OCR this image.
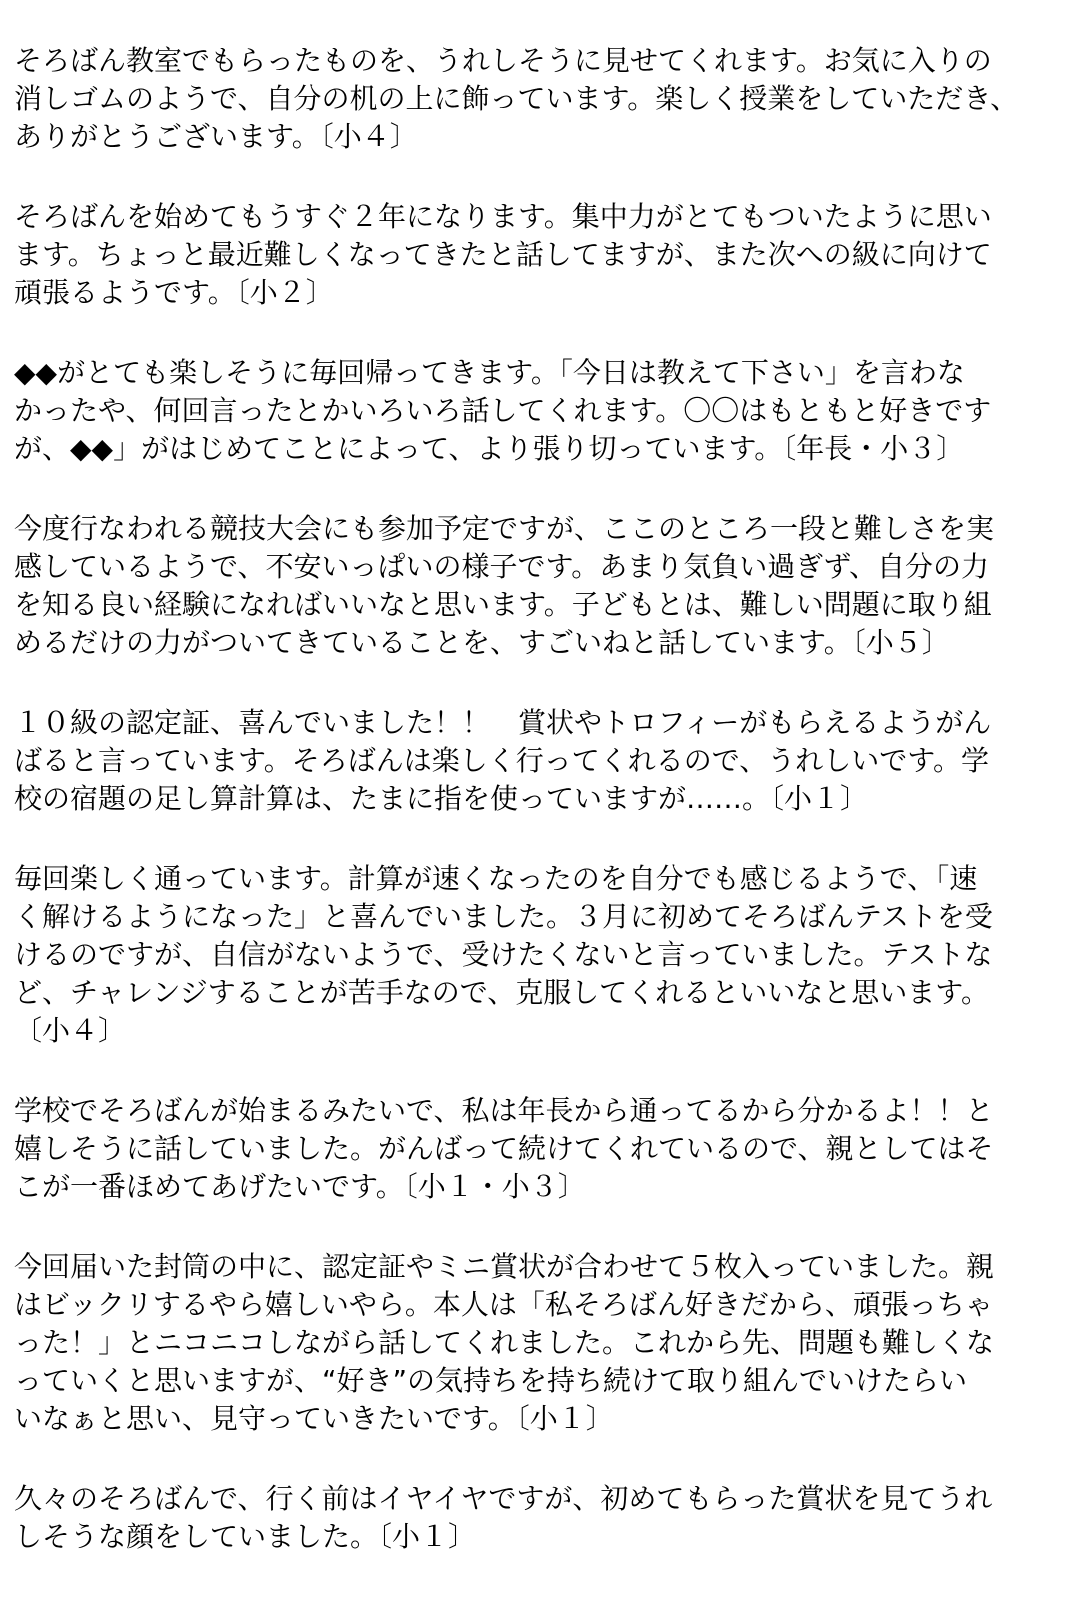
そろばん教室でもらったものを、うれしそうに見せてくれます。お気に入りの
消しゴムのようで、自分の机の上に飾っています。楽しく授業をしていただき、
ありがとうございます。〔小４〕
そろばんを始めてもうすぐ２年になります。集中力がとてもついたように思い
ます。ちょっと最近難しくなってきたと話してますが、また次への級に向けて
頑張るようです。〔小２〕
◆◆がとても楽しそうに毎回帰ってきます。「今日は教えて下さい」を言わな
かったや、何回言ったとかいろいろ話してくれます。〇〇はもともと好きです
が、◆◆」がはじめてことによって、より張り切っています。〔年長・小３〕
今度行なわれる競技大会にも参加予定ですが、ここのところ一段と難しさを実
感しているようで、不安いっぱいの様子です。あまり気負い過ぎず、自分の力
を知る良い経験になればいいなと思います。子どもとは、難しい問題に取り組
めるだけの力がついてきていることを、すごいねと話しています。〔小５〕
１０級の認定証、喜んでいました！！　賞状やトロフィーがもらえるようがん
ばると言っています。そろばんは楽しく行ってくれるので、うれしいです。学
校の宿題の足し算計算は、たまに指を使っていますが……。〔小１〕
毎回楽しく通っています。計算が速くなったのを自分でも感じるようで、「速
く解けるようになった」と喜んでいました。３月に初めてそろばんテストを受
けるのですが、自信がないようで、受けたくないと言っていました。テストな
ど、チャレンジすることが苦手なので、克服してくれるといいなと思います。
〔小４〕
学校でそろばんが始まるみたいで、私は年長から通ってるから分かるよ！！と
嬉しそうに話していました。がんばって続けてくれているので、親としてはそ
こが一番ほめてあげたいです。〔小１・小３〕
今回届いた封筒の中に、認定証やミニ賞状が合わせて５枚入っていました。親
はビックリするやら嬉しいやら。本人は「私そろばん好きだから、頑張っちゃ
った！」とニコニコしながら話してくれました。これから先、問題も難しくな
っていくと思いますが、“好き”の気持ちを持ち続けて取り組んでいけたらい
いなぁと思い、見守っていきたいです。〔小１〕
久々のそろばんで、行く前はイヤイヤですが、初めてもらった賞状を見てうれ
しそうな顔をしていました。〔小１〕
